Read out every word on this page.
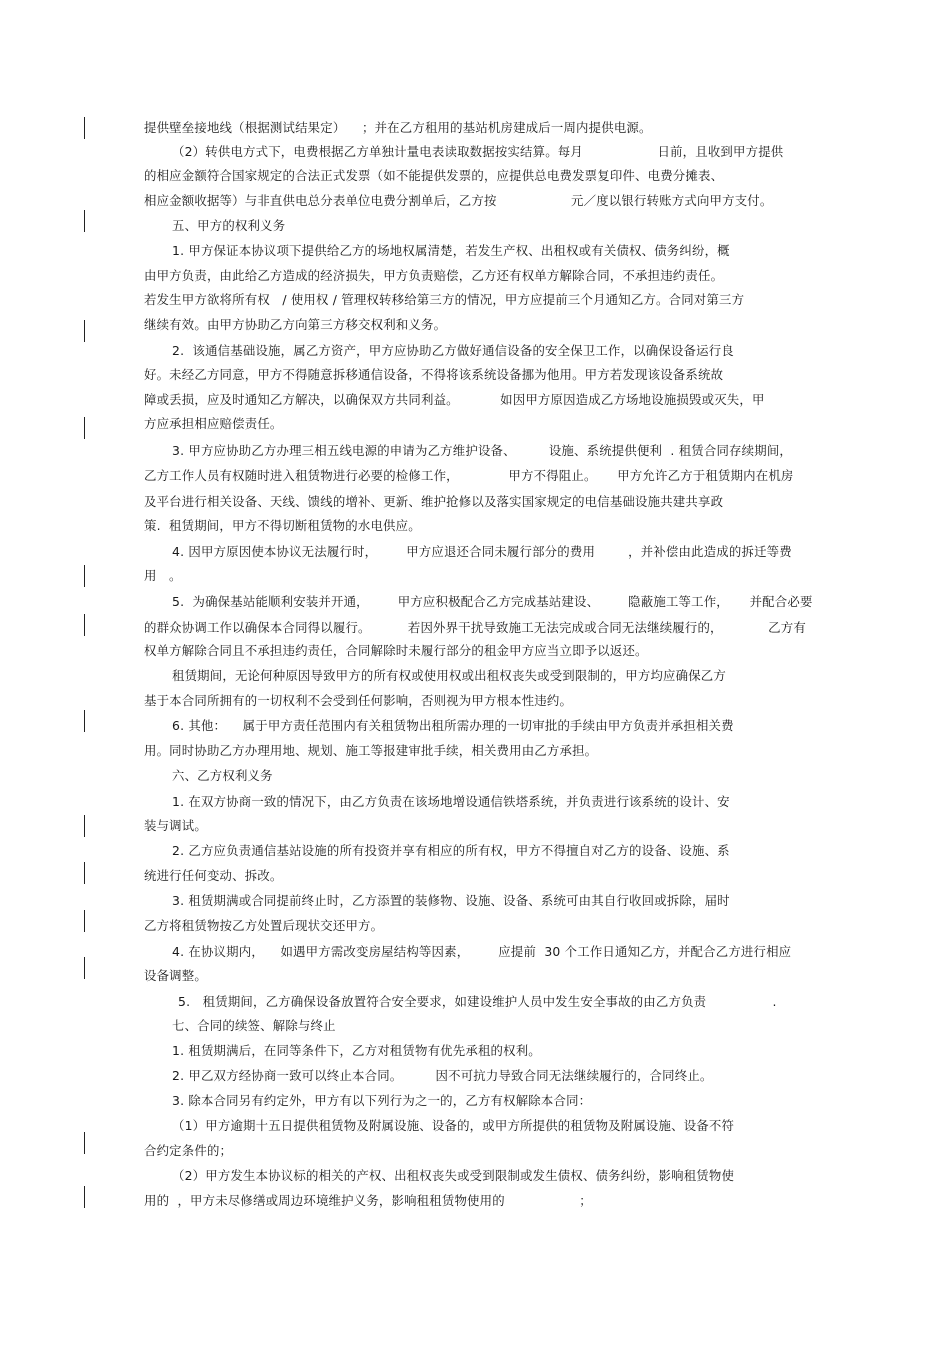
提供壁垒接地线（根据测试结果定）    ；并在乙方租用的基站机房建成后一周内提供电源。
（2）转供电方式下，电费根据乙方单独计量电表读取数据按实结算。每月                  日前，且收到甲方提供
的相应金额符合国家规定的合法正式发票（如不能提供发票的，应提供总电费发票复印件、电费分摊表、
相应金额收据等）与非直供电总分表单位电费分割单后，乙方按                  元／度以银行转账方式向甲方支付。
五、甲方的权利义务
1. 甲方保证本协议项下提供给乙方的场地权属清楚，若发生产权、出租权或有关债权、债务纠纷，概
由甲方负责，由此给乙方造成的经济损失，甲方负责赔偿，乙方还有权单方解除合同，不承担违约责任。
若发生甲方欲将所有权   / 使用权 / 管理权转移给第三方的情况，甲方应提前三个月通知乙方。合同对第三方
继续有效。由甲方协助乙方向第三方移交权利和义务。
2.  该通信基础设施，属乙方资产，甲方应协助乙方做好通信设备的安全保卫工作，以确保设备运行良
好。未经乙方同意，甲方不得随意拆移通信设备，不得将该系统设备挪为他用。甲方若发现该设备系统故
障或丢损，应及时通知乙方解决，以确保双方共同利益。          如因甲方原因造成乙方场地设施损毁或灭失，甲
方应承担相应赔偿责任。
3. 甲方应协助乙方办理三相五线电源的申请为乙方维护设备、        设施、系统提供便利  . 租赁合同存续期间，
乙方工作人员有权随时进入租赁物进行必要的检修工作，            甲方不得阻止。     甲方允许乙方于租赁期内在机房
及平台进行相关设备、天线、馈线的增补、更新、维护抢修以及落实国家规定的电信基础设施共建共享政
策.  租赁期间，甲方不得切断租赁物的水电供应。
4. 因甲方原因使本协议无法履行时，       甲方应退还合同未履行部分的费用        ，并补偿由此造成的拆迁等费
用   。
5.  为确保基站能顺利安装并开通，       甲方应积极配合乙方完成基站建设、       隐蔽施工等工作，     并配合必要
的群众协调工作以确保本合同得以履行。         若因外界干扰导致施工无法完成或合同无法继续履行的，           乙方有
权单方解除合同且不承担违约责任，合同解除时未履行部分的租金甲方应当立即予以返还。
租赁期间，无论何种原因导致甲方的所有权或使用权或出租权丧失或受到限制的，甲方均应确保乙方
基于本合同所拥有的一切权利不会受到任何影响，否则视为甲方根本性违约。
6. 其他：    属于甲方责任范围内有关租赁物出租所需办理的一切审批的手续由甲方负责并承担相关费
用。同时协助乙方办理用地、规划、施工等报建审批手续，相关费用由乙方承担。
六、乙方权利义务
1. 在双方协商一致的情况下，由乙方负责在该场地增设通信铁塔系统，并负责进行该系统的设计、安
装与调试。
2. 乙方应负责通信基站设施的所有投资并享有相应的所有权，甲方不得擅自对乙方的设备、设施、系
统进行任何变动、拆改。
3. 租赁期满或合同提前终止时，乙方添置的装修物、设施、设备、系统可由其自行收回或拆除，届时
乙方将租赁物按乙方处置后现状交还甲方。
4. 在协议期内，    如遇甲方需改变房屋结构等因素，       应提前  30 个工作日通知乙方，并配合乙方进行相应
设备调整。
5.   租赁期间，乙方确保设备放置符合安全要求，如建设维护人员中发生安全事故的由乙方负责                .
七、合同的续签、解除与终止
1. 租赁期满后，在同等条件下，乙方对租赁物有优先承租的权利。
2. 甲乙双方经协商一致可以终止本合同。        因不可抗力导致合同无法继续履行的，合同终止。
3. 除本合同另有约定外，甲方有以下列行为之一的，乙方有权解除本合同：
（1）甲方逾期十五日提供租赁物及附属设施、设备的，或甲方所提供的租赁物及附属设施、设备不符
合约定条件的；
（2）甲方发生本协议标的相关的产权、出租权丧失或受到限制或发生债权、债务纠纷，影响租赁物使
用的  ，甲方未尽修缮或周边环境维护义务，影响租租赁物使用的                  ；
